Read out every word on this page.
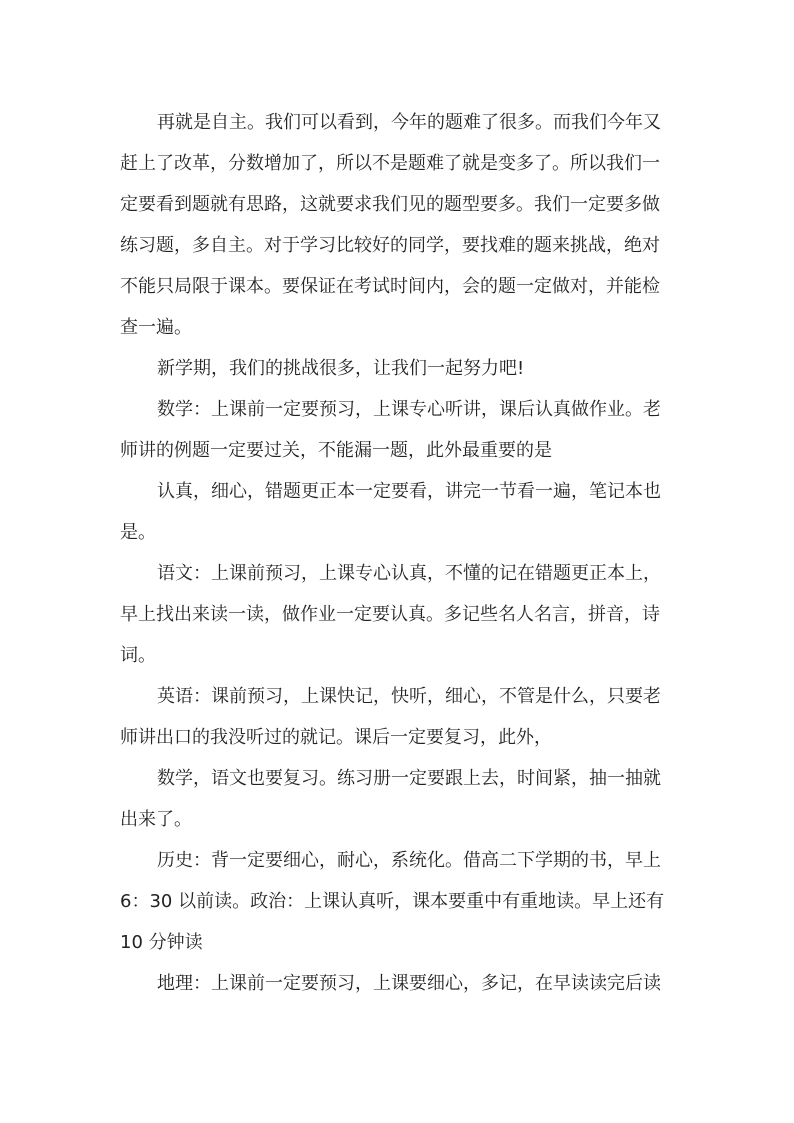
再就是自主。我们可以看到，今年的题难了很多。而我们今年又
赶上了改革，分数增加了，所以不是题难了就是变多了。所以我们一
定要看到题就有思路，这就要求我们见的题型要多。我们一定要多做
练习题，多自主。对于学习比较好的同学，要找难的题来挑战，绝对
不能只局限于课本。要保证在考试时间内，会的题一定做对，并能检
查一遍。
新学期，我们的挑战很多，让我们一起努力吧!
数学：上课前一定要预习，上课专心听讲，课后认真做作业。老
师讲的例题一定要过关，不能漏一题，此外最重要的是
认真，细心，错题更正本一定要看，讲完一节看一遍，笔记本也
是。
语文：上课前预习，上课专心认真，不懂的记在错题更正本上，
早上找出来读一读，做作业一定要认真。多记些名人名言，拼音，诗
词。
英语：课前预习，上课快记，快听，细心，不管是什么，只要老
师讲出口的我没听过的就记。课后一定要复习，此外，
数学，语文也要复习。练习册一定要跟上去，时间紧，抽一抽就
出来了。
历史：背一定要细心，耐心，系统化。借高二下学期的书，早上
6：30 以前读。政治：上课认真听，课本要重中有重地读。早上还有
10 分钟读
地理：上课前一定要预习，上课要细心，多记，在早读读完后读
